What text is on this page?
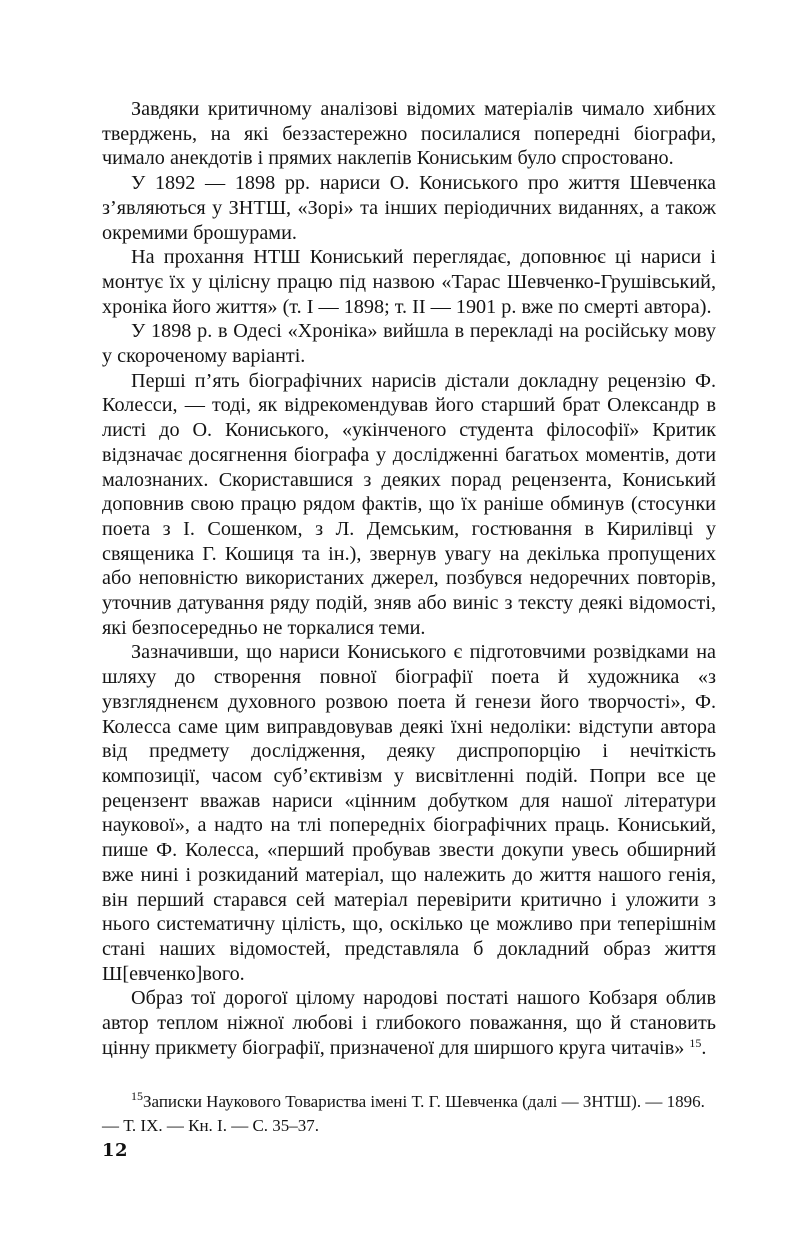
Завдяки критичному аналізові відомих матеріалів чимало хибних тверджень, на які беззастережно посилалися попередні біографи, чимало анекдотів і прямих наклепів Кониським було спростовано.

У 1892 — 1898 рр. нариси О. Кониського про життя Шевченка з’являються у ЗНТШ, «Зорі» та інших періодичних виданнях, а також окремими брошурами.

На прохання НТШ Кониський переглядає, доповнює ці нариси і монтує їх у цілісну працю під назвою «Тарас Шевченко-Грушівський, хроніка його життя» (т. I — 1898; т. II — 1901 р. вже по смерті автора).

У 1898 р. в Одесі «Хроніка» вийшла в перекладі на російську мову у скороченому варіанті.

Перші п’ять біографічних нарисів дістали докладну рецензію Ф. Колесси, — тоді, як відрекомендував його старший брат Олександр в листі до О. Кониського, «укінченого студента філософії» Критик відзначає досягнення біографа у дослідженні багатьох моментів, доти малознаних. Скориставшися з деяких порад рецензента, Кониський доповнив свою працю рядом фактів, що їх раніше обминув (стосунки поета з І. Сошенком, з Л. Демським, гостювання в Кирилівці у священика Г. Кошиця та ін.), звернув увагу на декілька пропущених або неповністю використаних джерел, позбувся недоречних повторів, уточнив датування ряду подій, зняв або виніс з тексту деякі відомості, які безпосередньо не торкалися теми.

Зазначивши, що нариси Кониського є підготовчими розвідками на шляху до створення повної біографії поета й художника «з увзглядненєм духовного розвою поета й генези його творчості», Ф. Колесса саме цим виправдовував деякі їхні недоліки: відступи автора від предмету дослідження, деяку диспропорцію і нечіткість композиції, часом суб’єктивізм у висвітленні подій. Попри все це рецензент вважав нариси «цінним добутком для нашої літератури наукової», а надто на тлі попередніх біографічних праць. Кониський, пише Ф. Колесса, «перший пробував звести докупи увесь обширний вже нині і розкиданий матеріал, що належить до життя нашого генія, він перший старався сей матеріал перевірити критично і уложити з нього систематичну цілість, що, оскілько це можливо при теперішнім стані наших відомостей, представляла б докладний образ життя Ш[евченко]вого.

Образ тої дорогої цілому народові постаті нашого Кобзаря облив автор теплом ніжної любові і глибокого поважання, що й становить цінну прикмету біографії, призначеної для ширшого круга читачів» $^{15}$.

$^{15}$Записки Наукового Товариства імені Т. Г. Шевченка (далі — ЗНТШ). — 1896. — Т. IX. — Кн. I. — С. 35–37.

12
